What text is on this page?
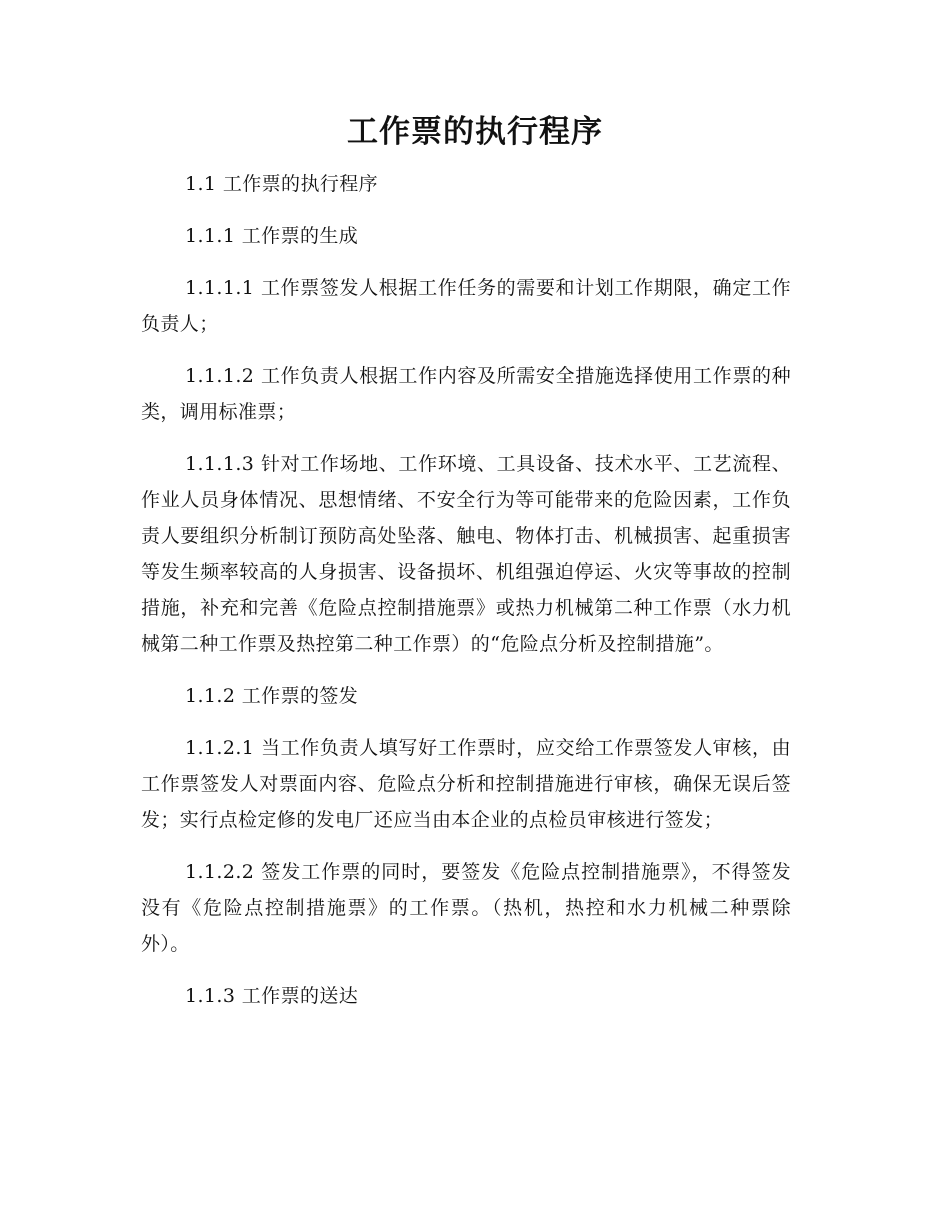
工作票的执行程序

1.1 工作票的执行程序

1.1.1 工作票的生成

1.1.1.1 工作票签发人根据工作任务的需要和计划工作期限，确定工作负责人；

1.1.1.2 工作负责人根据工作内容及所需安全措施选择使用工作票的种类，调用标准票；

1.1.1.3 针对工作场地、工作环境、工具设备、技术水平、工艺流程、作业人员身体情况、思想情绪、不安全行为等可能带来的危险因素，工作负责人要组织分析制订预防高处坠落、触电、物体打击、机械损害、起重损害等发生频率较高的人身损害、设备损坏、机组强迫停运、火灾等事故的控制措施，补充和完善《危险点控制措施票》或热力机械第二种工作票（水力机械第二种工作票及热控第二种工作票）的“危险点分析及控制措施”。

1.1.2 工作票的签发

1.1.2.1 当工作负责人填写好工作票时，应交给工作票签发人审核，由工作票签发人对票面内容、危险点分析和控制措施进行审核，确保无误后签发；实行点检定修的发电厂还应当由本企业的点检员审核进行签发；

1.1.2.2 签发工作票的同时，要签发《危险点控制措施票》，不得签发没有《危险点控制措施票》的工作票。（热机，热控和水力机械二种票除外）。

1.1.3 工作票的送达
